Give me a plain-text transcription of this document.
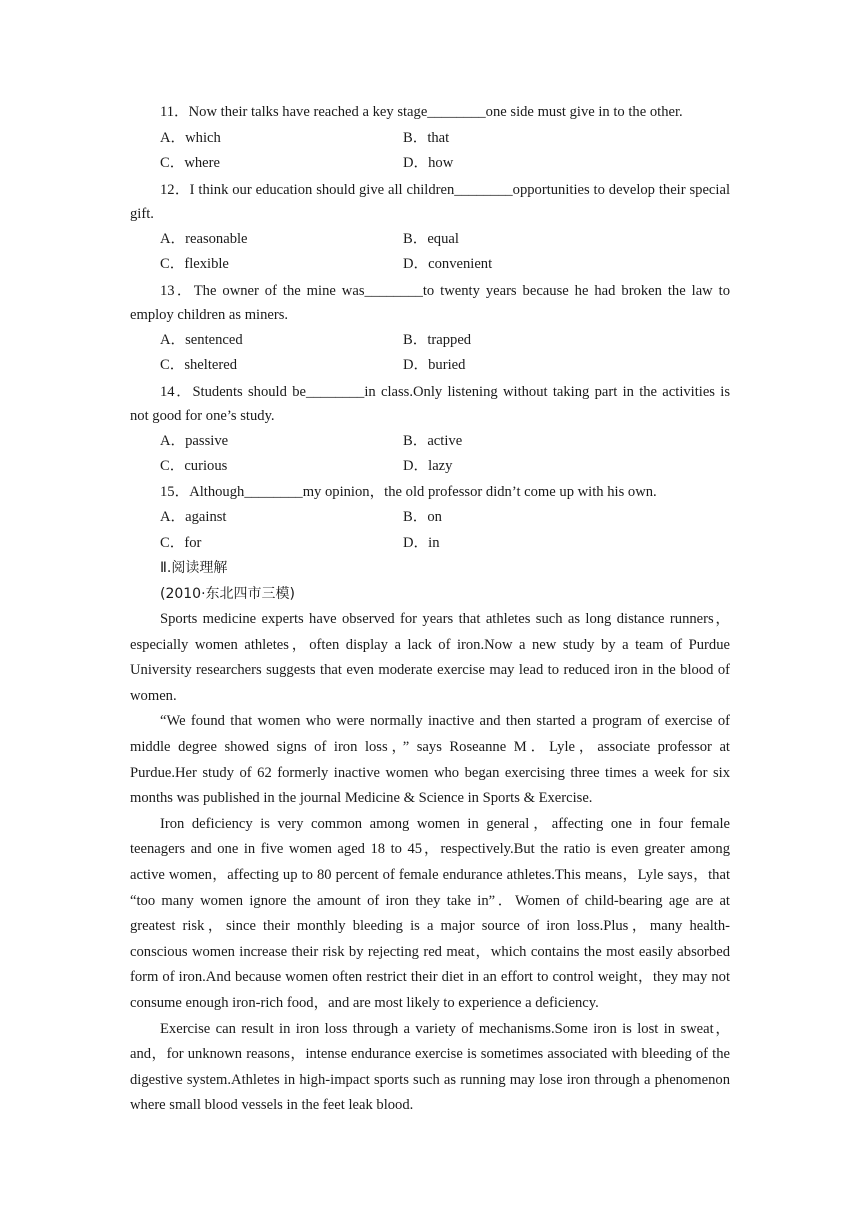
11．Now their talks have reached a key stage________one side must give in to the other.
A．which	B．that
C．where	D．how
12．I think our education should give all children________opportunities to develop their special gift.
A．reasonable	B．equal
C．flexible	D．convenient
13．The owner of the mine was________to twenty years because he had broken the law to employ children as miners.
A．sentenced	B．trapped
C．sheltered	D．buried
14．Students should be________in class.Only listening without taking part in the activities is not good for one’s study.
A．passive	B．active
C．curious	D．lazy
15．Although________my opinion，the old professor didn’t come up with his own.
A．against	B．on
C．for	D．in
Ⅱ.阅读理解
(2010·东北四市三模)

Sports medicine experts have observed for years that athletes such as long distance runners，especially women athletes，often display a lack of iron.Now a new study by a team of Purdue University researchers suggests that even moderate exercise may lead to reduced iron in the blood of women.

“We found that women who were normally inactive and then started a program of exercise of middle degree showed signs of iron loss，” says Roseanne M．Lyle，associate professor at Purdue.Her study of 62 formerly inactive women who began exercising three times a week for six months was published in the journal Medicine & Science in Sports & Exercise.

Iron deficiency is very common among women in general，affecting one in four female teenagers and one in five women aged 18 to 45，respectively.But the ratio is even greater among active women，affecting up to 80 percent of female endurance athletes.This means，Lyle says，that “too many women ignore the amount of iron they take in”．Women of child-bearing age are at greatest risk，since their monthly bleeding is a major source of iron loss.Plus，many health-conscious women increase their risk by rejecting red meat，which contains the most easily absorbed form of iron.And because women often restrict their diet in an effort to control weight，they may not consume enough iron-rich food，and are most likely to experience a deficiency.

Exercise can result in iron loss through a variety of mechanisms.Some iron is lost in sweat，and，for unknown reasons，intense endurance exercise is sometimes associated with bleeding of the digestive system.Athletes in high-impact sports such as running may lose iron through a phenomenon where small blood vessels in the feet leak blood.
